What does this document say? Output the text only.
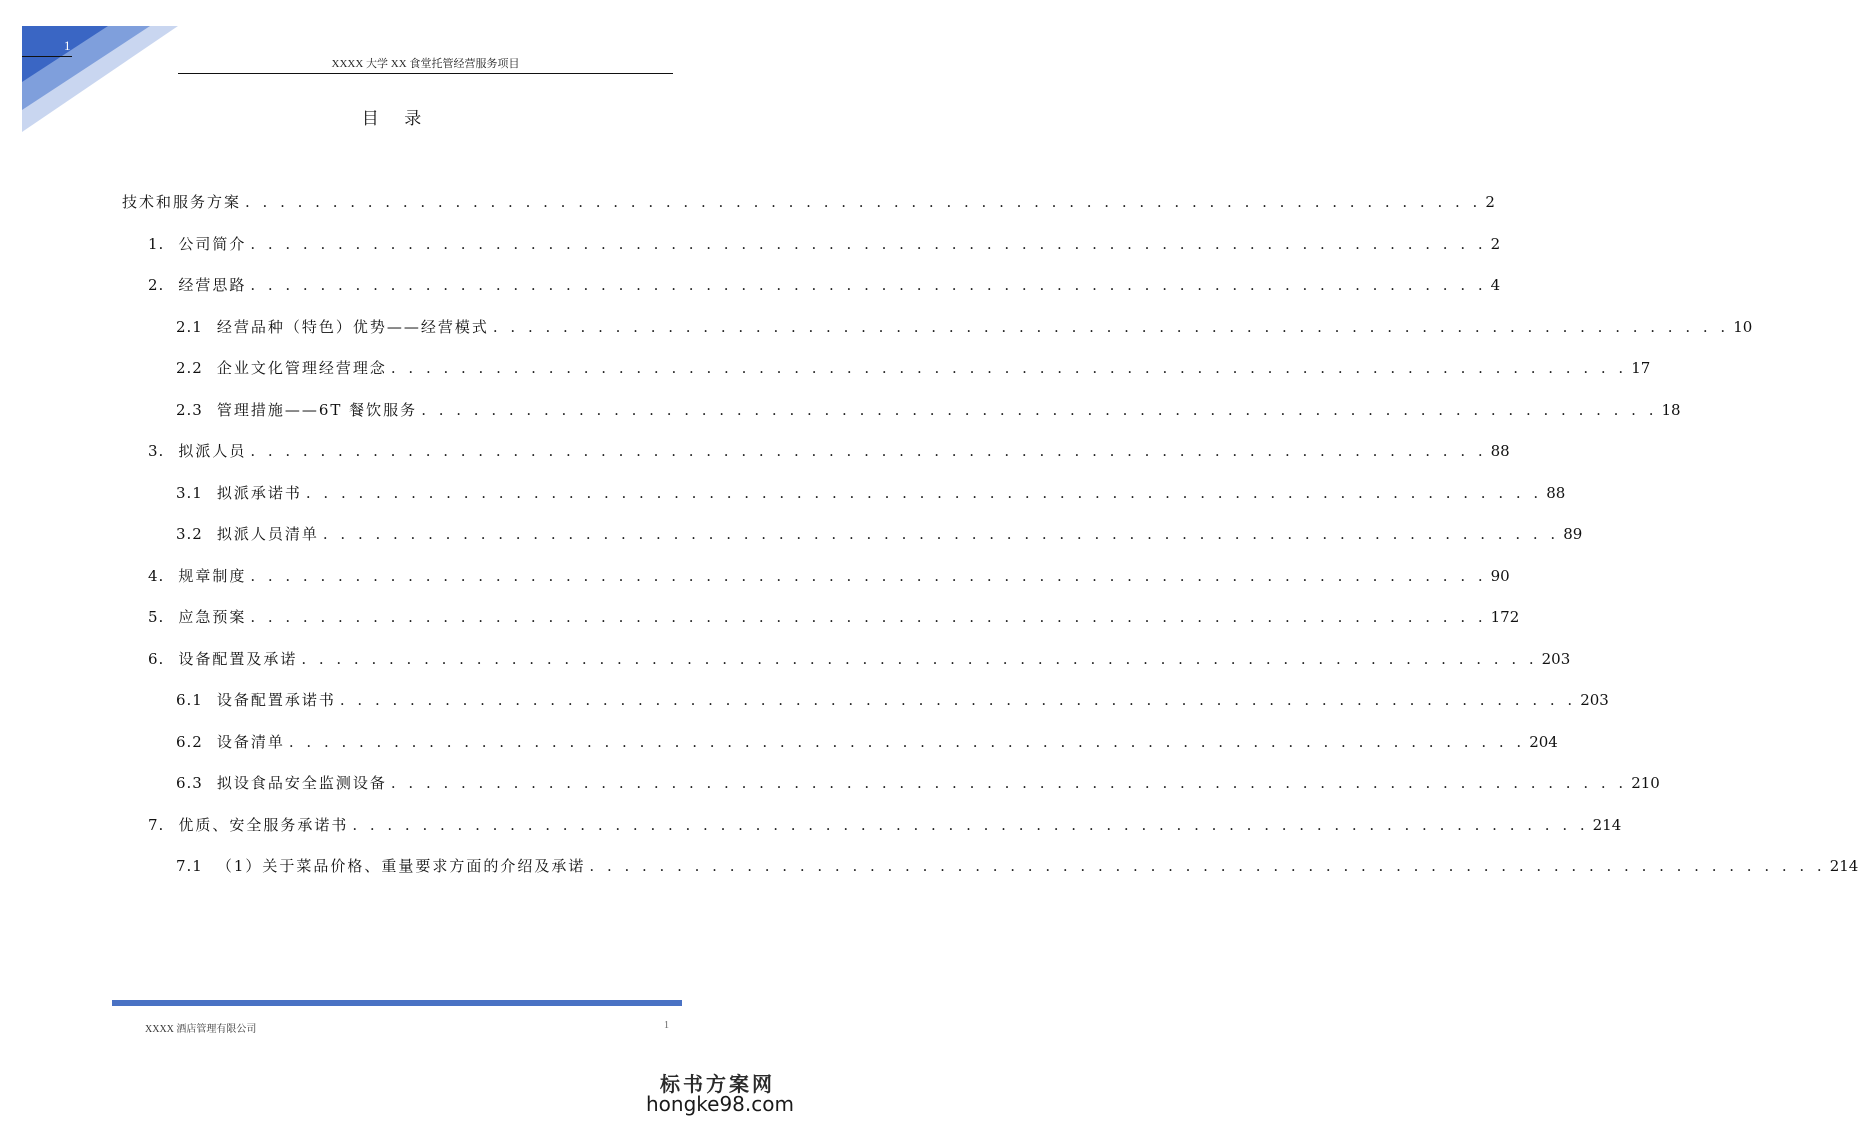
1
XXXX 大学 XX 食堂托管经营服务项目
目 录
技术和服务方案 . . . . . . . . . . . . . . . . . . . . . . . . . . . . . . . . . . . . . . . . . . . . . . . . . . . . . . . . . . . . . . . . . . . . . . . 2
1. 公司简介 . . . . . . . . . . . . . . . . . . . . . . . . . . . . . . . . . . . . . . . . . . . . . . . . . . . . . . . . . . . . . . . . . . . . . . . 2
2. 经营思路 . . . . . . . . . . . . . . . . . . . . . . . . . . . . . . . . . . . . . . . . . . . . . . . . . . . . . . . . . . . . . . . . . . . . . . . 4
2.1 经营品种（特色）优势——经营模式 . . . . . . . . . . . . . . . . . . . . . . . . . . . . . . . . . . . . . . . . . . . . . . . . . . . . . . . . . . . . . . . . . . . . . . . 10
2.2 企业文化管理经营理念 . . . . . . . . . . . . . . . . . . . . . . . . . . . . . . . . . . . . . . . . . . . . . . . . . . . . . . . . . . . . . . . . . . . . . . . 17
2.3 管理措施——6T 餐饮服务 . . . . . . . . . . . . . . . . . . . . . . . . . . . . . . . . . . . . . . . . . . . . . . . . . . . . . . . . . . . . . . . . . . . . . . . 18
3. 拟派人员 . . . . . . . . . . . . . . . . . . . . . . . . . . . . . . . . . . . . . . . . . . . . . . . . . . . . . . . . . . . . . . . . . . . . . . . 88
3.1 拟派承诺书 . . . . . . . . . . . . . . . . . . . . . . . . . . . . . . . . . . . . . . . . . . . . . . . . . . . . . . . . . . . . . . . . . . . . . . . 88
3.2 拟派人员清单 . . . . . . . . . . . . . . . . . . . . . . . . . . . . . . . . . . . . . . . . . . . . . . . . . . . . . . . . . . . . . . . . . . . . . . . 89
4. 规章制度 . . . . . . . . . . . . . . . . . . . . . . . . . . . . . . . . . . . . . . . . . . . . . . . . . . . . . . . . . . . . . . . . . . . . . . . 90
5. 应急预案 . . . . . . . . . . . . . . . . . . . . . . . . . . . . . . . . . . . . . . . . . . . . . . . . . . . . . . . . . . . . . . . . . . . . . . . 172
6. 设备配置及承诺 . . . . . . . . . . . . . . . . . . . . . . . . . . . . . . . . . . . . . . . . . . . . . . . . . . . . . . . . . . . . . . . . . . . . . . . 203
6.1 设备配置承诺书 . . . . . . . . . . . . . . . . . . . . . . . . . . . . . . . . . . . . . . . . . . . . . . . . . . . . . . . . . . . . . . . . . . . . . . . 203
6.2 设备清单 . . . . . . . . . . . . . . . . . . . . . . . . . . . . . . . . . . . . . . . . . . . . . . . . . . . . . . . . . . . . . . . . . . . . . . . 204
6.3 拟设食品安全监测设备 . . . . . . . . . . . . . . . . . . . . . . . . . . . . . . . . . . . . . . . . . . . . . . . . . . . . . . . . . . . . . . . . . . . . . . . 210
7. 优质、安全服务承诺书 . . . . . . . . . . . . . . . . . . . . . . . . . . . . . . . . . . . . . . . . . . . . . . . . . . . . . . . . . . . . . . . . . . . . . . . 214
7.1 （1）关于菜品价格、重量要求方面的介绍及承诺 . . . . . . . . . . . . . . . . . . . . . . . . . . . . . . . . . . . . . . . . . . . . . . . . . . . . . . . . . . . . . . . . . . . . . . . 214
XXXX 酒店管理有限公司	1
标书方案网
hongke98.com
